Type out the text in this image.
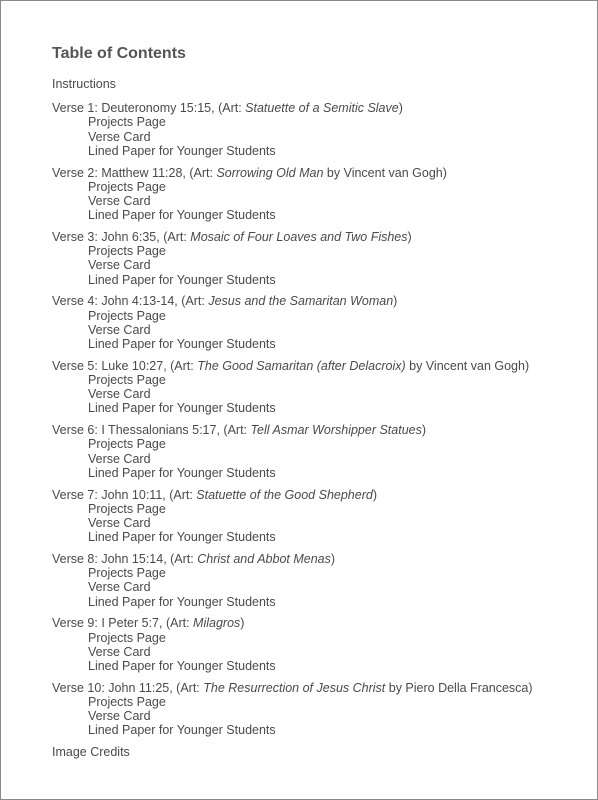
Table of Contents
Instructions
Verse 1: Deuteronomy 15:15, (Art: Statuette of a Semitic Slave)
Projects Page
Verse Card
Lined Paper for Younger Students
Verse 2: Matthew 11:28, (Art: Sorrowing Old Man by Vincent van Gogh)
Projects Page
Verse Card
Lined Paper for Younger Students
Verse 3: John 6:35, (Art: Mosaic of Four Loaves and Two Fishes)
Projects Page
Verse Card
Lined Paper for Younger Students
Verse 4: John 4:13-14, (Art: Jesus and the Samaritan Woman)
Projects Page
Verse Card
Lined Paper for Younger Students
Verse 5: Luke 10:27, (Art: The Good Samaritan (after Delacroix) by Vincent van Gogh)
Projects Page
Verse Card
Lined Paper for Younger Students
Verse 6: I Thessalonians 5:17, (Art: Tell Asmar Worshipper Statues)
Projects Page
Verse Card
Lined Paper for Younger Students
Verse 7: John 10:11, (Art: Statuette of the Good Shepherd)
Projects Page
Verse Card
Lined Paper for Younger Students
Verse 8: John 15:14, (Art: Christ and Abbot Menas)
Projects Page
Verse Card
Lined Paper for Younger Students
Verse 9: I Peter 5:7, (Art: Milagros)
Projects Page
Verse Card
Lined Paper for Younger Students
Verse 10: John 11:25, (Art: The Resurrection of Jesus Christ by Piero Della Francesca)
Projects Page
Verse Card
Lined Paper for Younger Students
Image Credits
